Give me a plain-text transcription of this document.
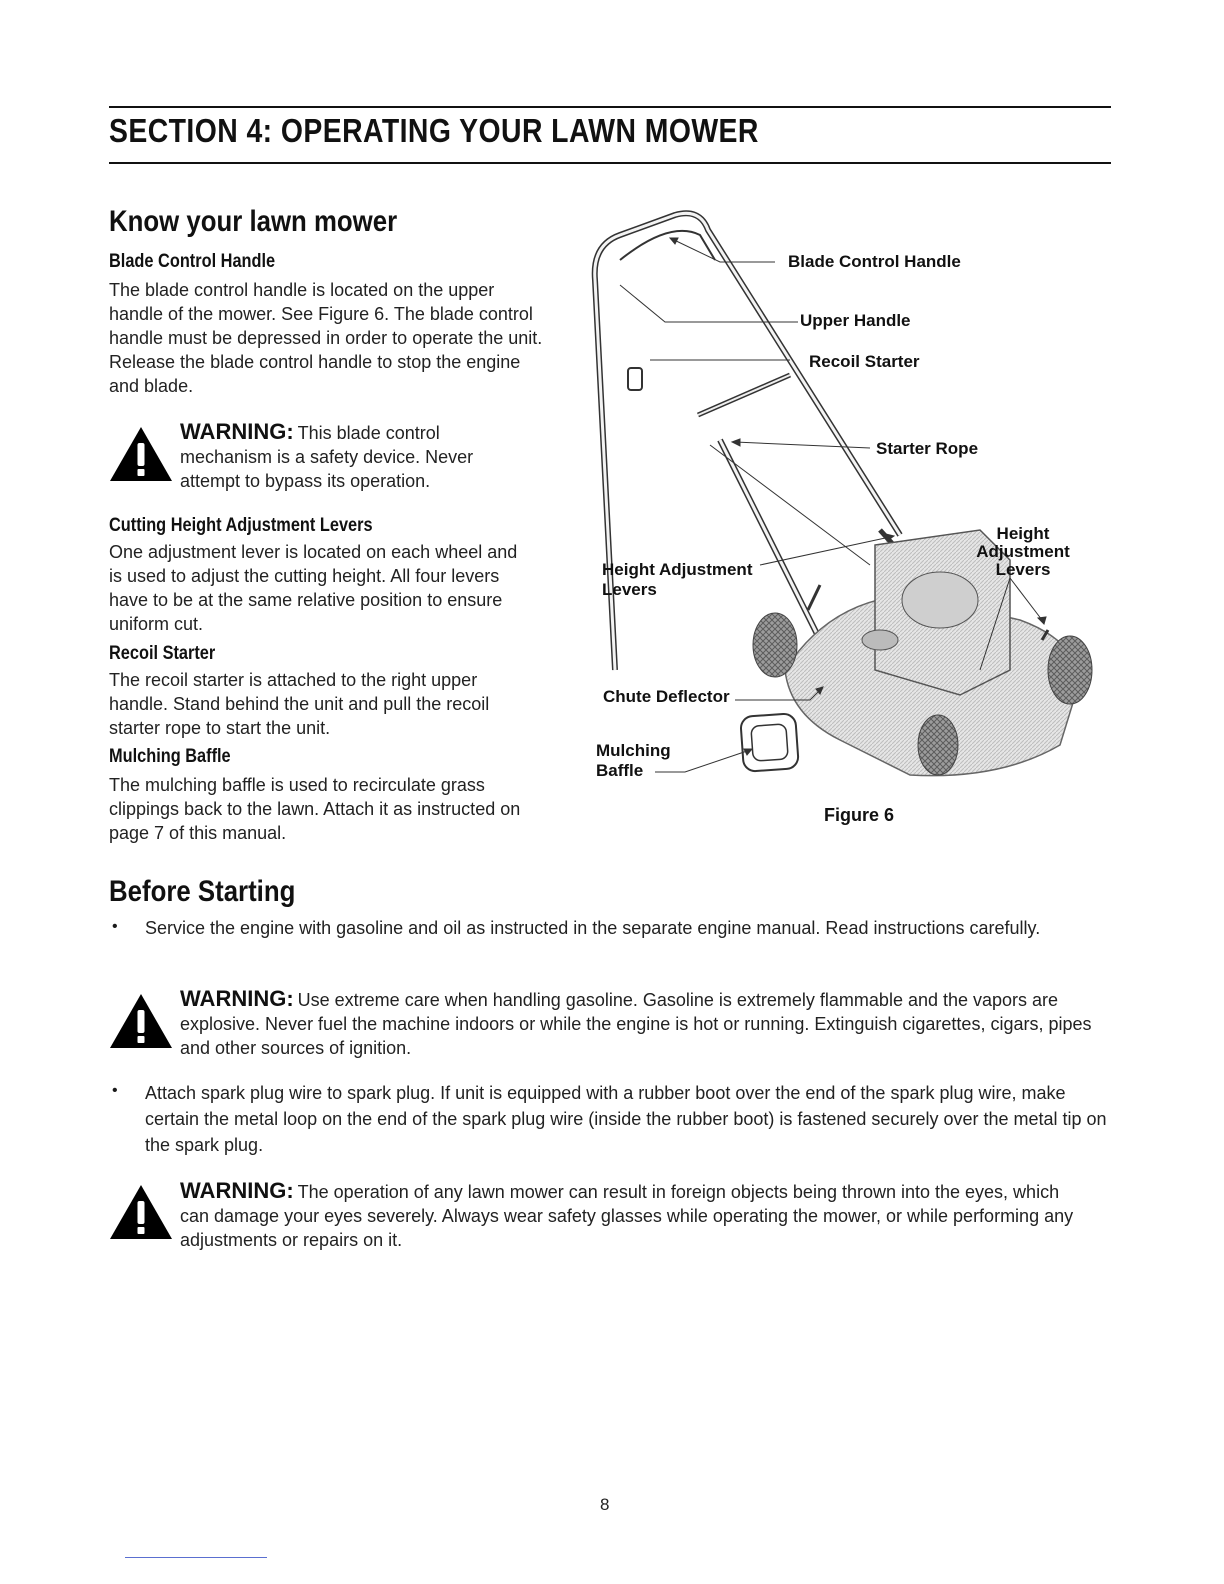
SECTION 4: OPERATING YOUR LAWN MOWER
Know your lawn mower
Blade Control Handle

The blade control handle is located on the upper handle of the mower. See Figure 6. The blade control handle must be depressed in order to operate the unit. Release the blade control handle to stop the engine and blade.

WARNING: This blade control mechanism is a safety device. Never attempt to bypass its operation.

Cutting Height Adjustment Levers

One adjustment lever is located on each wheel and is used to adjust the cutting height. All four levers have to be at the same relative position to ensure uniform cut.

Recoil Starter

The recoil starter is attached to the right upper handle. Stand behind the unit and pull the recoil starter rope to start the unit.

Mulching Baffle

The mulching baffle is used to recirculate grass clippings back to the lawn. Attach it as instructed on page 7 of this manual.

Blade Control Handle
Upper Handle
Recoil Starter
Starter Rope
Height
Adjustment
Levers
Height Adjustment
Levers
Chute Deflector
Mulching
Baffle
Figure 6
Before Starting
• Service the engine with gasoline and oil as instructed in the separate engine manual. Read instructions carefully.

WARNING: Use extreme care when handling gasoline. Gasoline is extremely flammable and the vapors are explosive. Never fuel the machine indoors or while the engine is hot or running. Extinguish cigarettes, cigars, pipes and other sources of ignition.

• Attach spark plug wire to spark plug. If unit is equipped with a rubber boot over the end of the spark plug wire, make certain the metal loop on the end of the spark plug wire (inside the rubber boot) is fastened securely over the metal tip on the spark plug.

WARNING: The operation of any lawn mower can result in foreign objects being thrown into the eyes, which can damage your eyes severely. Always wear safety glasses while operating the mower, or while performing any adjustments or repairs on it.

8
